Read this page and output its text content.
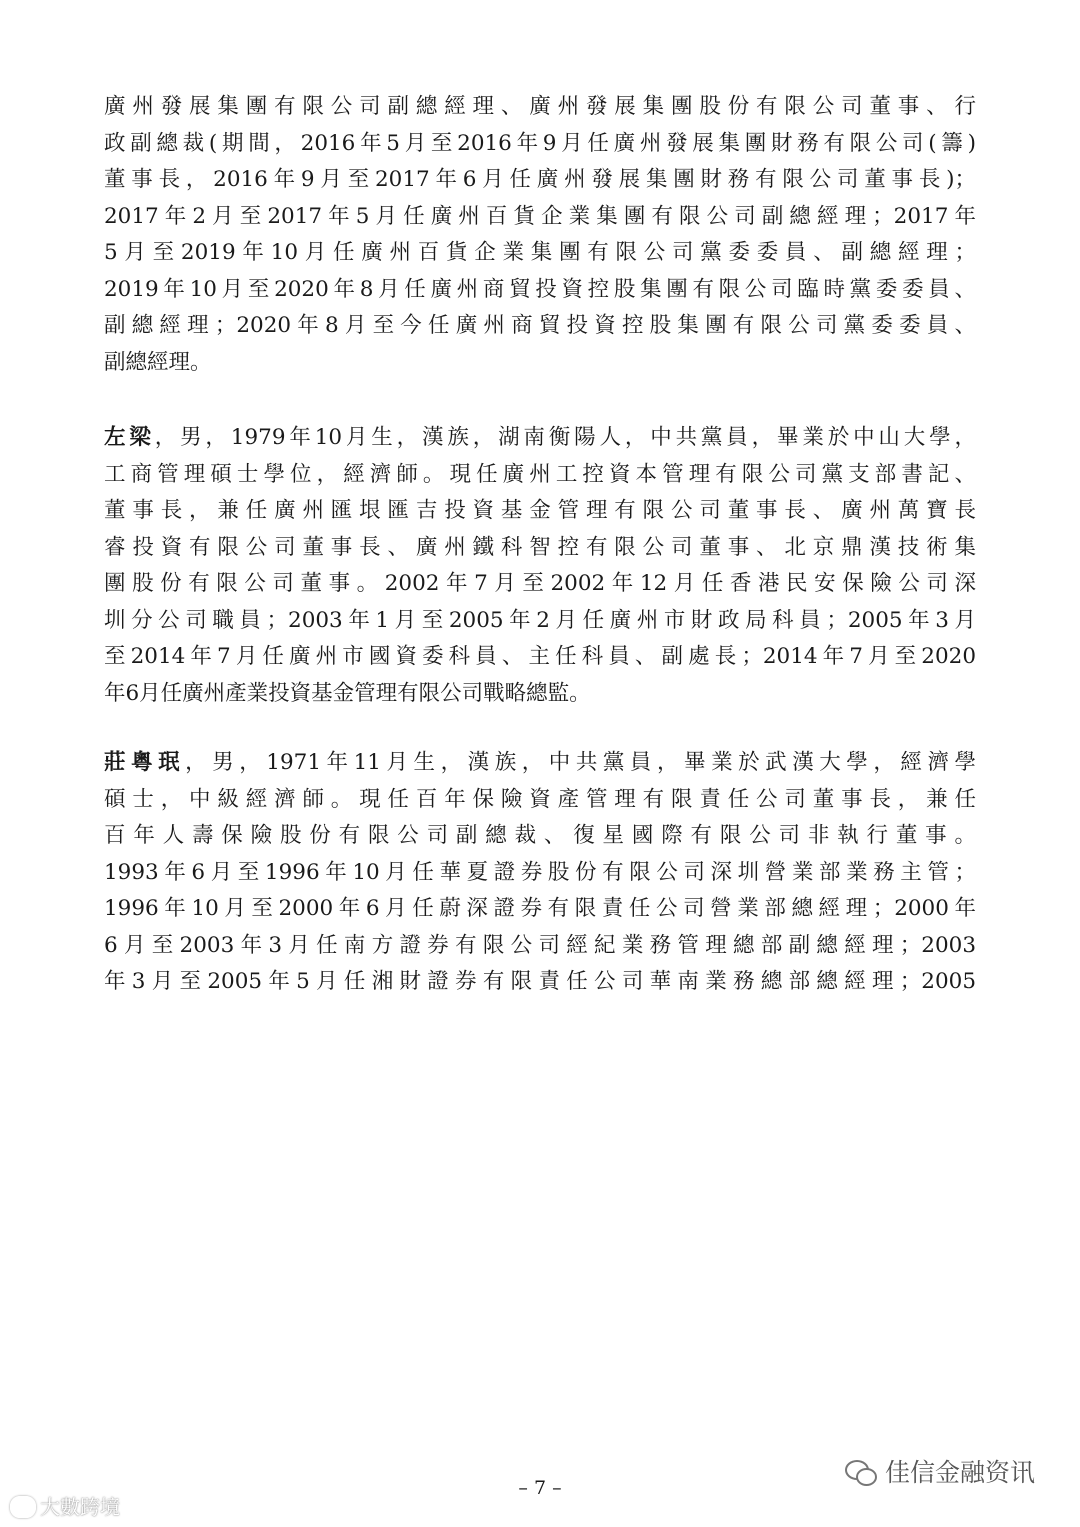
廣州發展集團有限公司副總經理、廣州發展集團股份有限公司董事、行
政副總裁(期間，2016年5月至2016年9月任廣州發展集團財務有限公司(籌)
董事長，2016年9月至2017年6月任廣州發展集團財務有限公司董事長)；
2017年2月至2017年5月任廣州百貨企業集團有限公司副總經理；2017年
5月至2019年10月任廣州百貨企業集團有限公司黨委委員、副總經理；
2019年10月至2020年8月任廣州商貿投資控股集團有限公司臨時黨委委員、
副總經理；2020年8月至今任廣州商貿投資控股集團有限公司黨委委員、
副總經理。
左梁，男，1979年10月生，漢族，湖南衡陽人，中共黨員，畢業於中山大學，
工商管理碩士學位，經濟師。現任廣州工控資本管理有限公司黨支部書記、
董事長，兼任廣州匯垠匯吉投資基金管理有限公司董事長、廣州萬寶長
睿投資有限公司董事長、廣州鐵科智控有限公司董事、北京鼎漢技術集
團股份有限公司董事。2002年7月至2002年12月任香港民安保險公司深
圳分公司職員；2003年1月至2005年2月任廣州市財政局科員；2005年3月
至2014年7月任廣州市國資委科員、主任科員、副處長；2014年7月至2020
年6月任廣州產業投資基金管理有限公司戰略總監。
莊粵珉，男，1971年11月生，漢族，中共黨員，畢業於武漢大學，經濟學
碩士，中級經濟師。現任百年保險資產管理有限責任公司董事長，兼任
百年人壽保險股份有限公司副總裁、復星國際有限公司非執行董事。
1993年6月至1996年10月任華夏證券股份有限公司深圳營業部業務主管；
1996年10月至2000年6月任蔚深證券有限責任公司營業部總經理；2000年
6月至2003年3月任南方證券有限公司經紀業務管理總部副總經理；2003
年3月至2005年5月任湘財證券有限責任公司華南業務總部總經理；2005
– 7 –
佳信金融资讯
大數跨境
